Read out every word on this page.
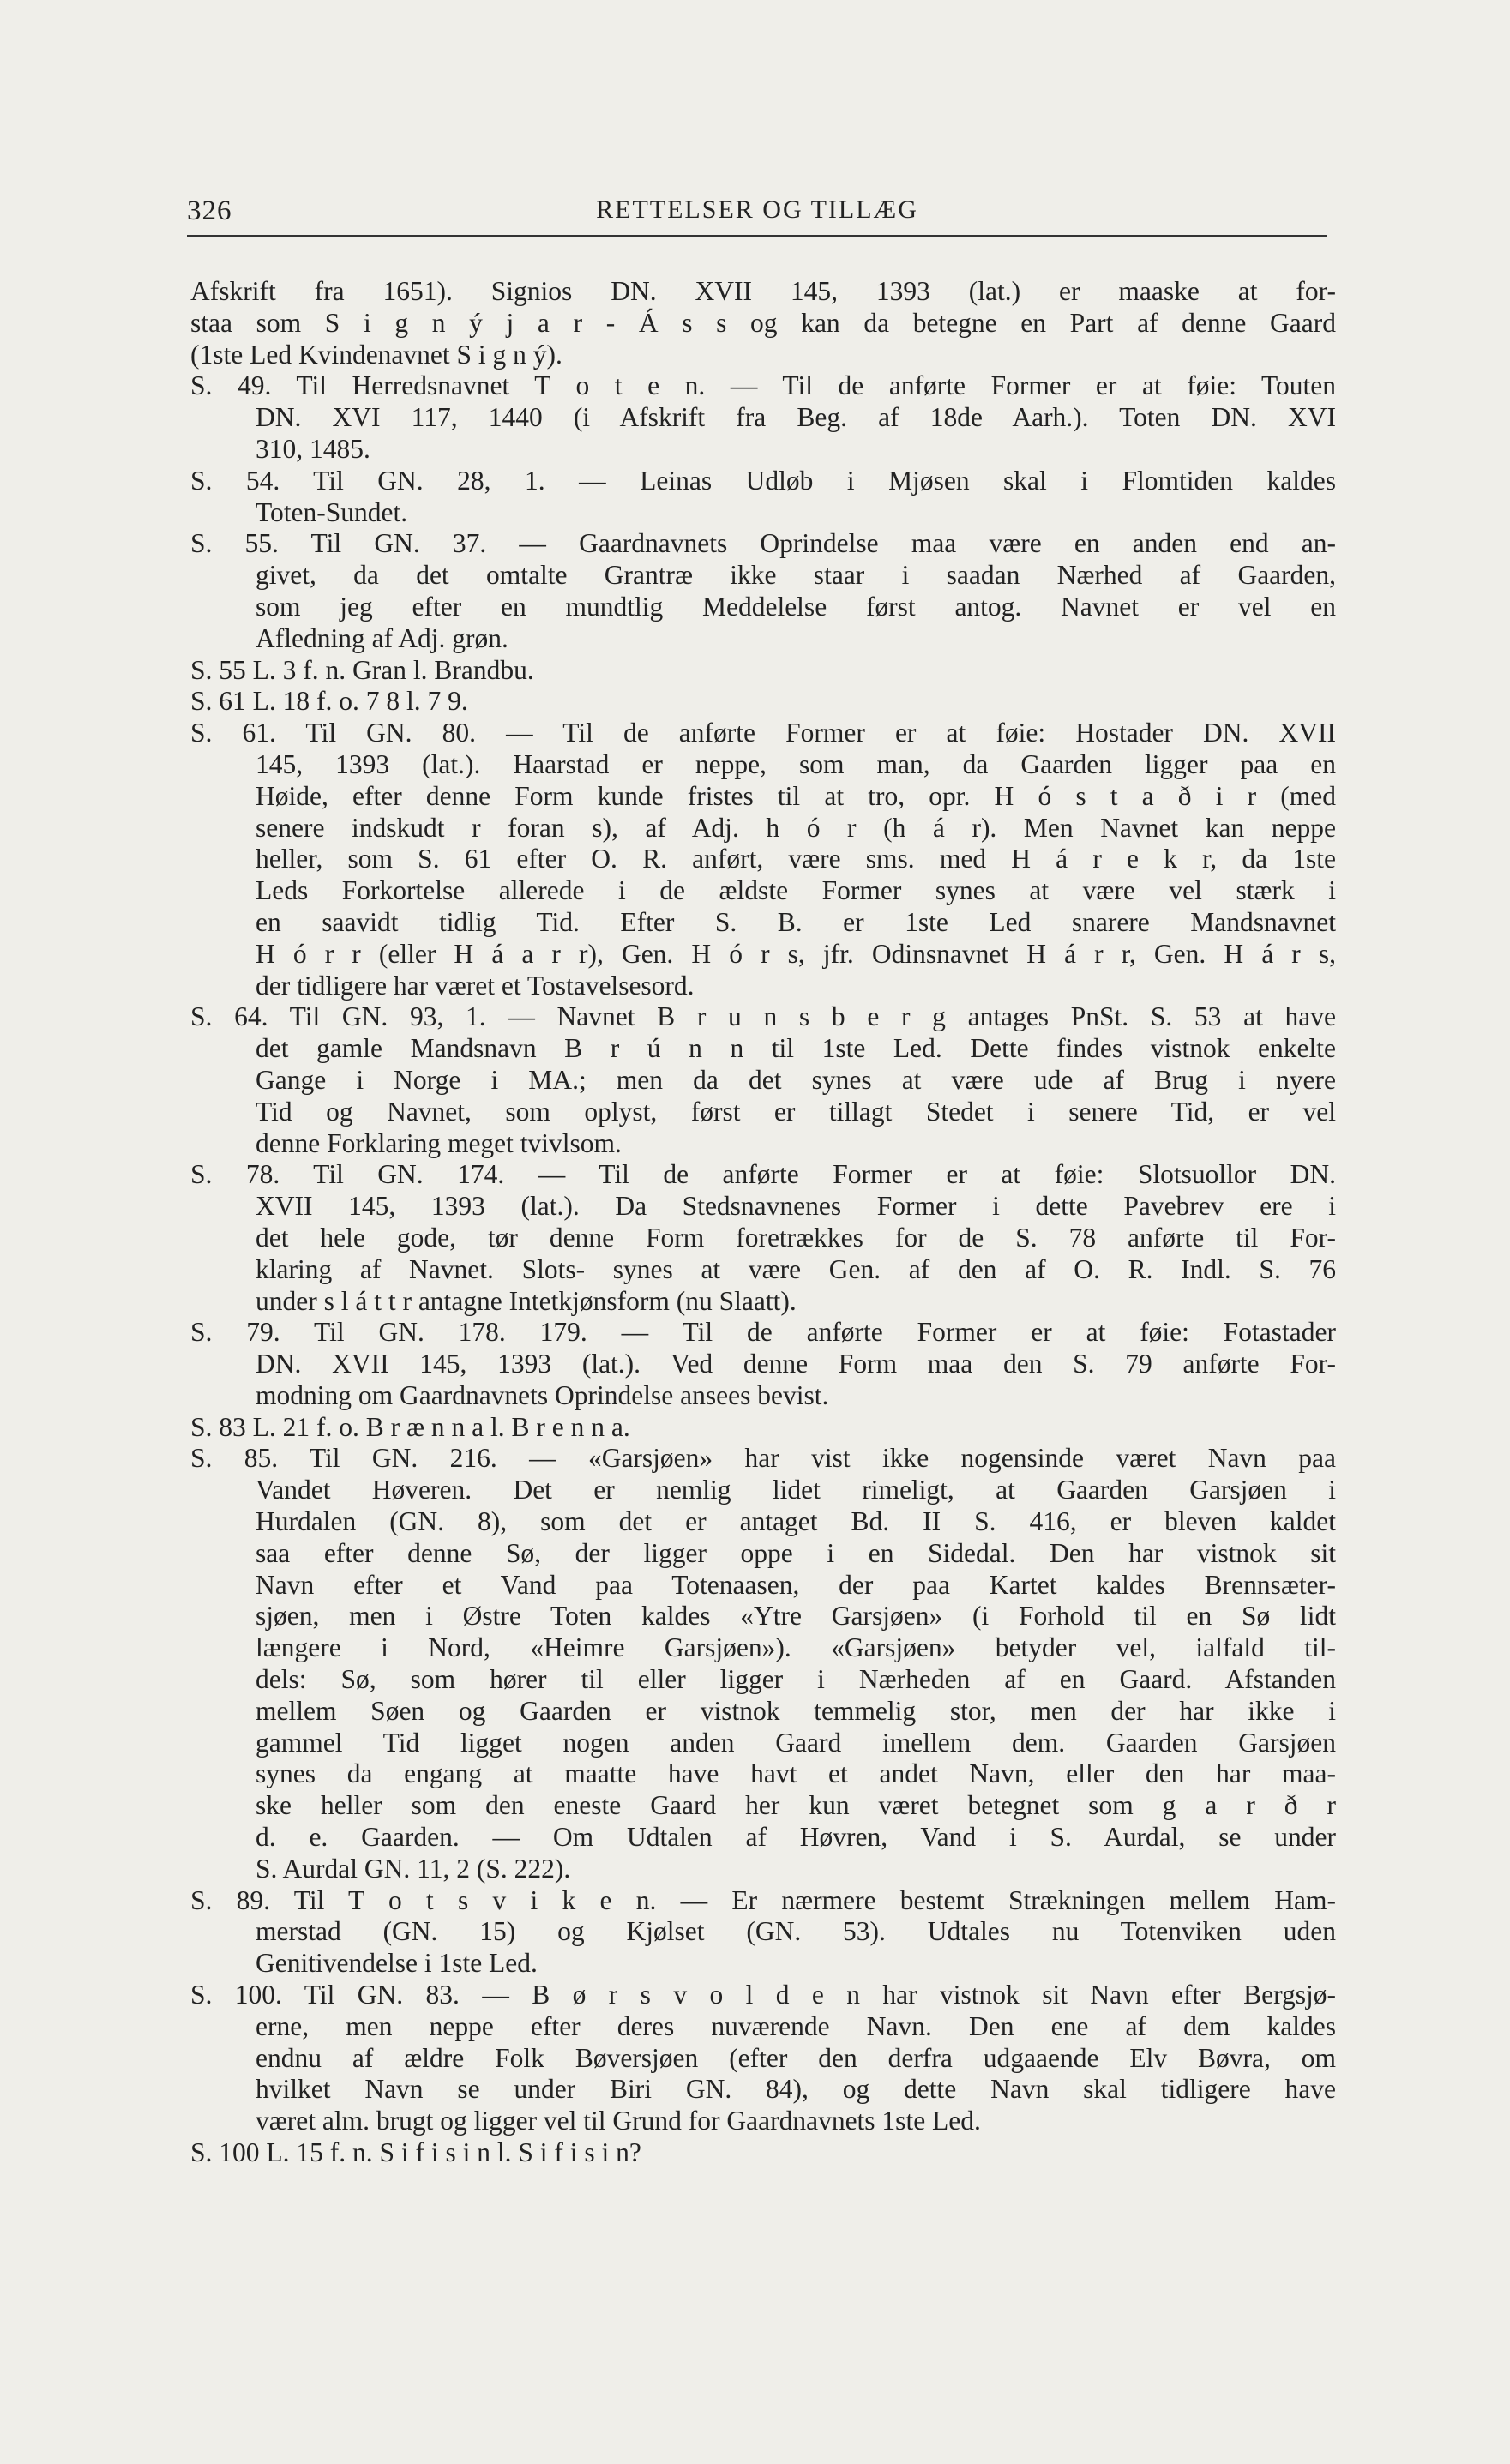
326	RETTELSER OG TILLÆG
Afskrift fra 1651). Signios DN. XVII 145, 1393 (lat.) er maaske at for-
staa som S i g n ý j a r - Á s s og kan da betegne en Part af denne Gaard
(1ste Led Kvindenavnet S i g n ý).
S. 49. Til Herredsnavnet T o t e n. — Til de anførte Former er at føie: Touten
DN. XVI 117, 1440 (i Afskrift fra Beg. af 18de Aarh.). Toten DN. XVI
310, 1485.
S. 54. Til GN. 28, 1. — Leinas Udløb i Mjøsen skal i Flomtiden kaldes
Toten-Sundet.
S. 55. Til GN. 37. — Gaardnavnets Oprindelse maa være en anden end an-
givet, da det omtalte Grantræ ikke staar i saadan Nærhed af Gaarden,
som jeg efter en mundtlig Meddelelse først antog. Navnet er vel en
Afledning af Adj. grøn.
S. 55 L. 3 f. n. Gran l. Brandbu.
S. 61 L. 18 f. o. 7 8 l. 7 9.
S. 61. Til GN. 80. — Til de anførte Former er at føie: Hostader DN. XVII
145, 1393 (lat.). Haarstad er neppe, som man, da Gaarden ligger paa en
Høide, efter denne Form kunde fristes til at tro, opr. H ó s t a ð i r (med
senere indskudt r foran s), af Adj. h ó r (h á r). Men Navnet kan neppe
heller, som S. 61 efter O. R. anført, være sms. med H á r e k r, da 1ste
Leds Forkortelse allerede i de ældste Former synes at være vel stærk i
en saavidt tidlig Tid. Efter S. B. er 1ste Led snarere Mandsnavnet
H ó r r (eller H á a r r), Gen. H ó r s, jfr. Odinsnavnet H á r r, Gen. H á r s,
der tidligere har været et Tostavelsesord.
S. 64. Til GN. 93, 1. — Navnet B r u n s b e r g antages PnSt. S. 53 at have
det gamle Mandsnavn B r ú n n til 1ste Led. Dette findes vistnok enkelte
Gange i Norge i MA.; men da det synes at være ude af Brug i nyere
Tid og Navnet, som oplyst, først er tillagt Stedet i senere Tid, er vel
denne Forklaring meget tvivlsom.
S. 78. Til GN. 174. — Til de anførte Former er at føie: Slotsuollor DN.
XVII 145, 1393 (lat.). Da Stedsnavnenes Former i dette Pavebrev ere i
det hele gode, tør denne Form foretrækkes for de S. 78 anførte til For-
klaring af Navnet. Slots- synes at være Gen. af den af O. R. Indl. S. 76
under s l á t t r antagne Intetkjønsform (nu Slaatt).
S. 79. Til GN. 178. 179. — Til de anførte Former er at føie: Fotastader
DN. XVII 145, 1393 (lat.). Ved denne Form maa den S. 79 anførte For-
modning om Gaardnavnets Oprindelse ansees bevist.
S. 83 L. 21 f. o. B r æ n n a l. B r e n n a.
S. 85. Til GN. 216. — «Garsjøen» har vist ikke nogensinde været Navn paa
Vandet Høveren. Det er nemlig lidet rimeligt, at Gaarden Garsjøen i
Hurdalen (GN. 8), som det er antaget Bd. II S. 416, er bleven kaldet
saa efter denne Sø, der ligger oppe i en Sidedal. Den har vistnok sit
Navn efter et Vand paa Totenaasen, der paa Kartet kaldes Brennsæter-
sjøen, men i Østre Toten kaldes «Ytre Garsjøen» (i Forhold til en Sø lidt
længere i Nord, «Heimre Garsjøen»). «Garsjøen» betyder vel, ialfald til-
dels: Sø, som hører til eller ligger i Nærheden af en Gaard. Afstanden
mellem Søen og Gaarden er vistnok temmelig stor, men der har ikke i
gammel Tid ligget nogen anden Gaard imellem dem. Gaarden Garsjøen
synes da engang at maatte have havt et andet Navn, eller den har maa-
ske heller som den eneste Gaard her kun været betegnet som g a r ð r
d. e. Gaarden. — Om Udtalen af Høvren, Vand i S. Aurdal, se under
S. Aurdal GN. 11, 2 (S. 222).
S. 89. Til T o t s v i k e n. — Er nærmere bestemt Strækningen mellem Ham-
merstad (GN. 15) og Kjølset (GN. 53). Udtales nu Totenviken uden
Genitivendelse i 1ste Led.
S. 100. Til GN. 83. — B ø r s v o l d e n har vistnok sit Navn efter Bergsjø-
erne, men neppe efter deres nuværende Navn. Den ene af dem kaldes
endnu af ældre Folk Bøversjøen (efter den derfra udgaaende Elv Bøvra, om
hvilket Navn se under Biri GN. 84), og dette Navn skal tidligere have
været alm. brugt og ligger vel til Grund for Gaardnavnets 1ste Led.
S. 100 L. 15 f. n. S i f i s i n l. S i f i s i n?
